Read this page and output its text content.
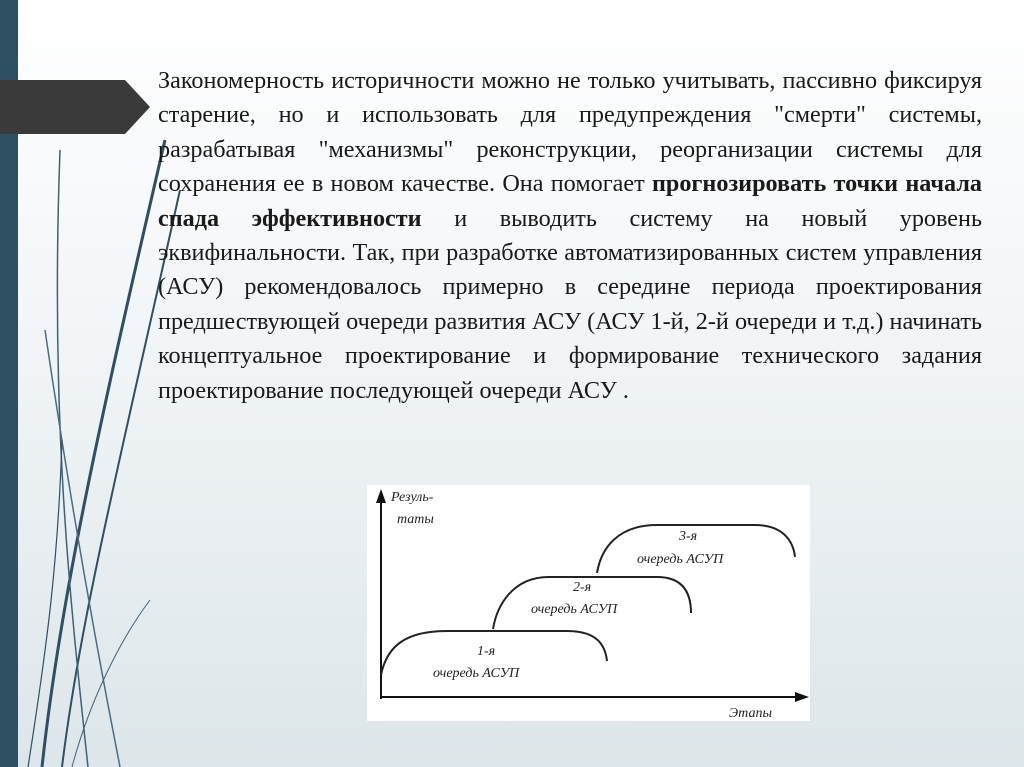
Закономерность историчности можно не только учитывать, пассивно фиксируя старение, но и использовать для предупреждения "смерти" системы, разрабатывая "механизмы" реконструкции, реорганизации системы для сохранения ее в новом качестве. Она помогает прогнозировать точки начала спада эффективности и выводить систему на новый уровень эквифинальности. Так, при разработке автоматизированных систем управления (АСУ) рекомендовалось примерно в середине периода проектирования предшествующей очереди развития АСУ (АСУ 1-й, 2-й очереди и т.д.) начинать концептуальное проектирование и формирование технического задания проектирование последующей очереди АСУ .
Резуль-
таты
Этапы
1-я
очередь АСУП
2-я
очередь АСУП
3-я
очередь АСУП
